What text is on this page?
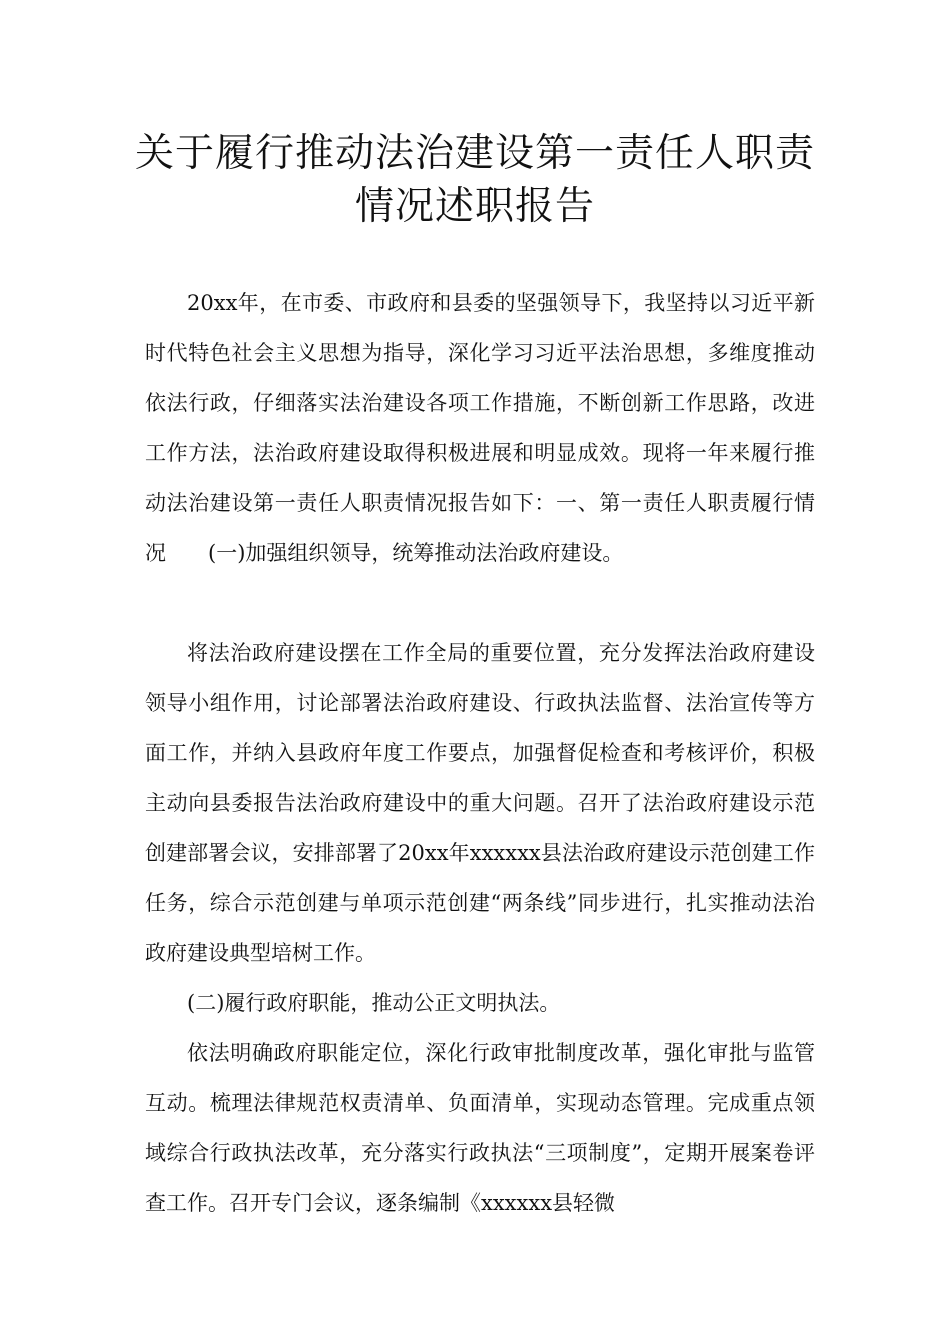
关于履行推动法治建设第一责任人职责
情况述职报告

20xx年，在市委、市政府和县委的坚强领导下，我坚持以习近平新时代特色社会主义思想为指导，深化学习习近平法治思想，多维度推动依法行政，仔细落实法治建设各项工作措施，不断创新工作思路，改进工作方法，法治政府建设取得积极进展和明显成效。现将一年来履行推动法治建设第一责任人职责情况报告如下：一、第一责任人职责履行情况　　(一)加强组织领导，统筹推动法治政府建设。

将法治政府建设摆在工作全局的重要位置，充分发挥法治政府建设领导小组作用，讨论部署法治政府建设、行政执法监督、法治宣传等方面工作，并纳入县政府年度工作要点，加强督促检查和考核评价，积极主动向县委报告法治政府建设中的重大问题。召开了法治政府建设示范创建部署会议，安排部署了20xx年xxxxxx县法治政府建设示范创建工作任务，综合示范创建与单项示范创建“两条线”同步进行，扎实推动法治政府建设典型培树工作。

(二)履行政府职能，推动公正文明执法。

依法明确政府职能定位，深化行政审批制度改革，强化审批与监管互动。梳理法律规范权责清单、负面清单，实现动态管理。完成重点领域综合行政执法改革，充分落实行政执法“三项制度”，定期开展案卷评查工作。召开专门会议，逐条编制《xxxxxx县轻微
